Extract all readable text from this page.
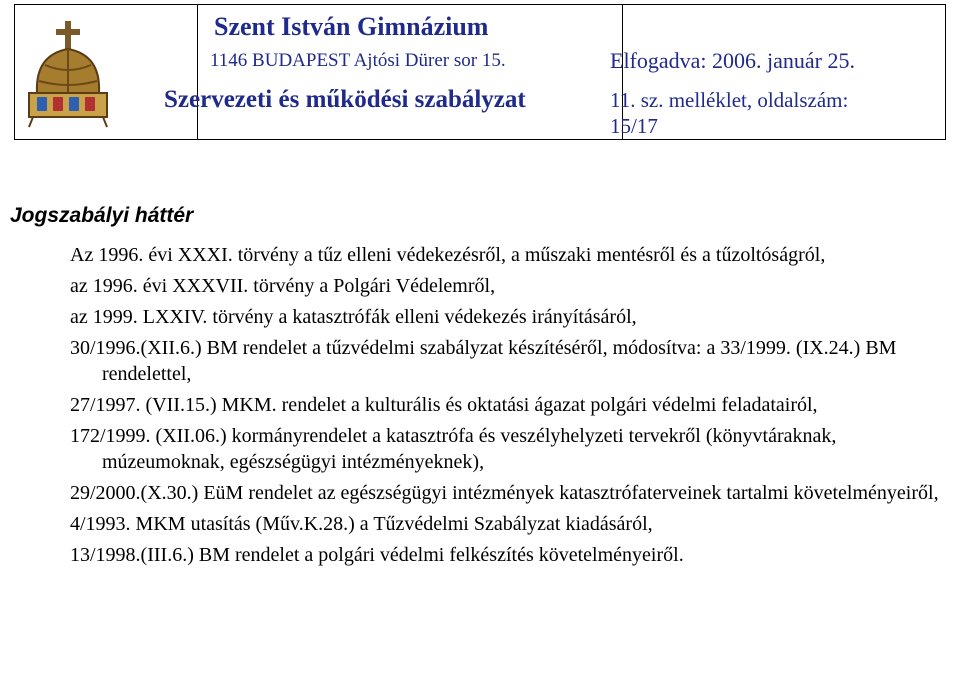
Szent István Gimnázium
1146 BUDAPEST Ajtósi Dürer sor 15.
Szervezeti és működési szabályzat
Elfogadva: 2006. január 25.
11. sz. melléklet, oldalszám:
15/17
Jogszabályi háttér
Az 1996. évi XXXI. törvény a tűz elleni védekezésről, a műszaki mentésről és a tűzoltóságról,
az 1996. évi XXXVII. törvény a Polgári Védelemről,
az 1999. LXXIV. törvény a katasztrófák elleni védekezés irányításáról,
30/1996.(XII.6.) BM rendelet a tűzvédelmi szabályzat készítéséről, módosítva: a 33/1999. (IX.24.) BM rendelettel,
27/1997. (VII.15.) MKM. rendelet a kulturális és oktatási ágazat polgári védelmi feladatairól,
172/1999. (XII.06.) kormányrendelet a katasztrófa és veszélyhelyzeti tervekről (könyvtáraknak, múzeumoknak, egészségügyi intézményeknek),
29/2000.(X.30.) EüM rendelet az egészségügyi intézmények katasztrófaterveinek tartalmi követelményeiről,
4/1993. MKM utasítás (Műv.K.28.) a Tűzvédelmi Szabályzat kiadásáról,
13/1998.(III.6.) BM rendelet a polgári védelmi felkészítés követelményeiről.
